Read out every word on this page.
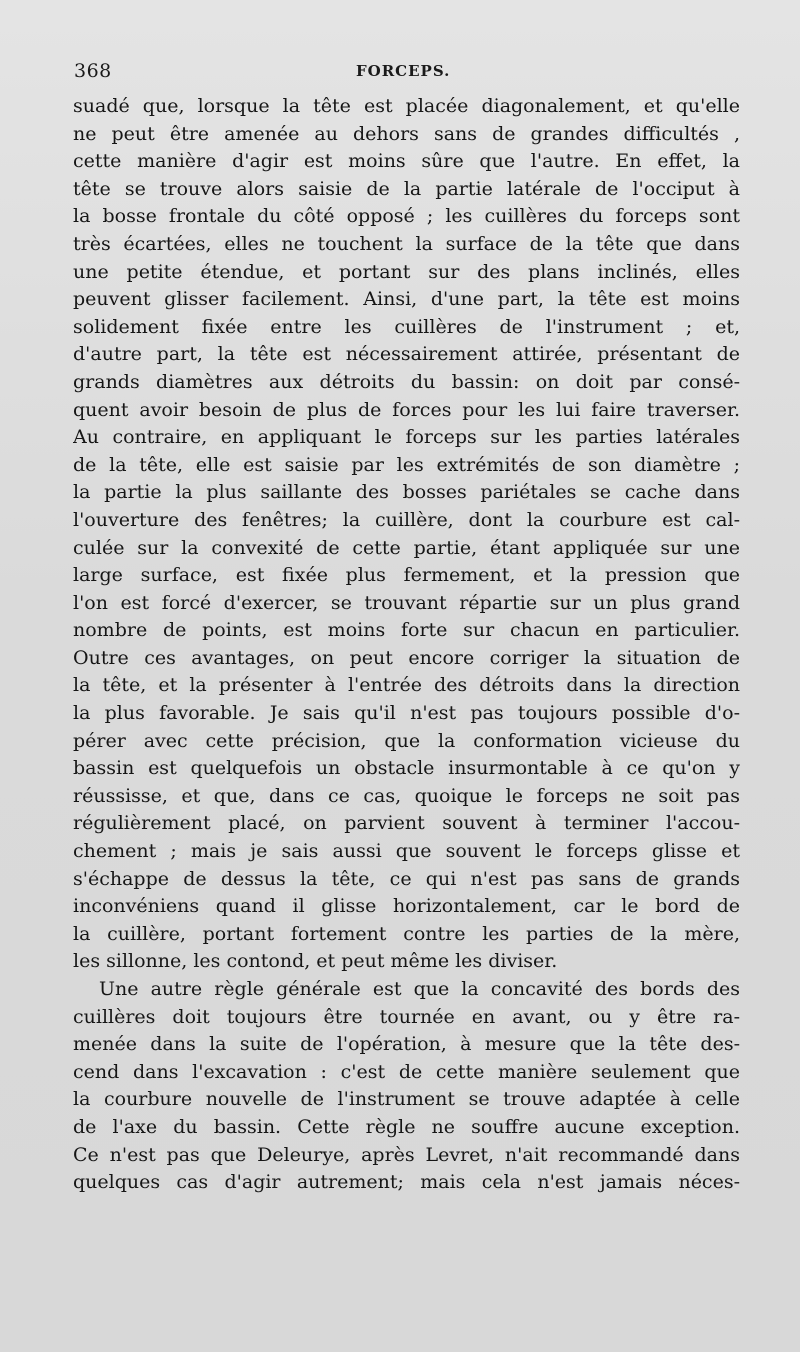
368	FORCEPS.
suadé que, lorsque la tête est placée diagonalement, et qu'elle
ne peut être amenée au dehors sans de grandes difficultés ,
cette manière d'agir est moins sûre que l'autre. En effet, la
tête se trouve alors saisie de la partie latérale de l'occiput à
la bosse frontale du côté opposé ; les cuillères du forceps sont
très écartées, elles ne touchent la surface de la tête que dans
une petite étendue, et portant sur des plans inclinés, elles
peuvent glisser facilement. Ainsi, d'une part, la tête est moins
solidement fixée entre les cuillères de l'instrument ; et,
d'autre part, la tête est nécessairement attirée, présentant de
grands diamètres aux détroits du bassin: on doit par consé-
quent avoir besoin de plus de forces pour les lui faire traverser.
Au contraire, en appliquant le forceps sur les parties latérales
de la tête, elle est saisie par les extrémités de son diamètre ;
la partie la plus saillante des bosses pariétales se cache dans
l'ouverture des fenêtres; la cuillère, dont la courbure est cal-
culée sur la convexité de cette partie, étant appliquée sur une
large surface, est fixée plus fermement, et la pression que
l'on est forcé d'exercer, se trouvant répartie sur un plus grand
nombre de points, est moins forte sur chacun en particulier.
Outre ces avantages, on peut encore corriger la situation de
la tête, et la présenter à l'entrée des détroits dans la direction
la plus favorable. Je sais qu'il n'est pas toujours possible d'o-
pérer avec cette précision, que la conformation vicieuse du
bassin est quelquefois un obstacle insurmontable à ce qu'on y
réussisse, et que, dans ce cas, quoique le forceps ne soit pas
régulièrement placé, on parvient souvent à terminer l'accou-
chement ; mais je sais aussi que souvent le forceps glisse et
s'échappe de dessus la tête, ce qui n'est pas sans de grands
inconvéniens quand il glisse horizontalement, car le bord de
la cuillère, portant fortement contre les parties de la mère,
les sillonne, les contond, et peut même les diviser.
Une autre règle générale est que la concavité des bords des
cuillères doit toujours être tournée en avant, ou y être ra-
menée dans la suite de l'opération, à mesure que la tête des-
cend dans l'excavation : c'est de cette manière seulement que
la courbure nouvelle de l'instrument se trouve adaptée à celle
de l'axe du bassin. Cette règle ne souffre aucune exception.
Ce n'est pas que Deleurye, après Levret, n'ait recommandé dans
quelques cas d'agir autrement; mais cela n'est jamais néces-
